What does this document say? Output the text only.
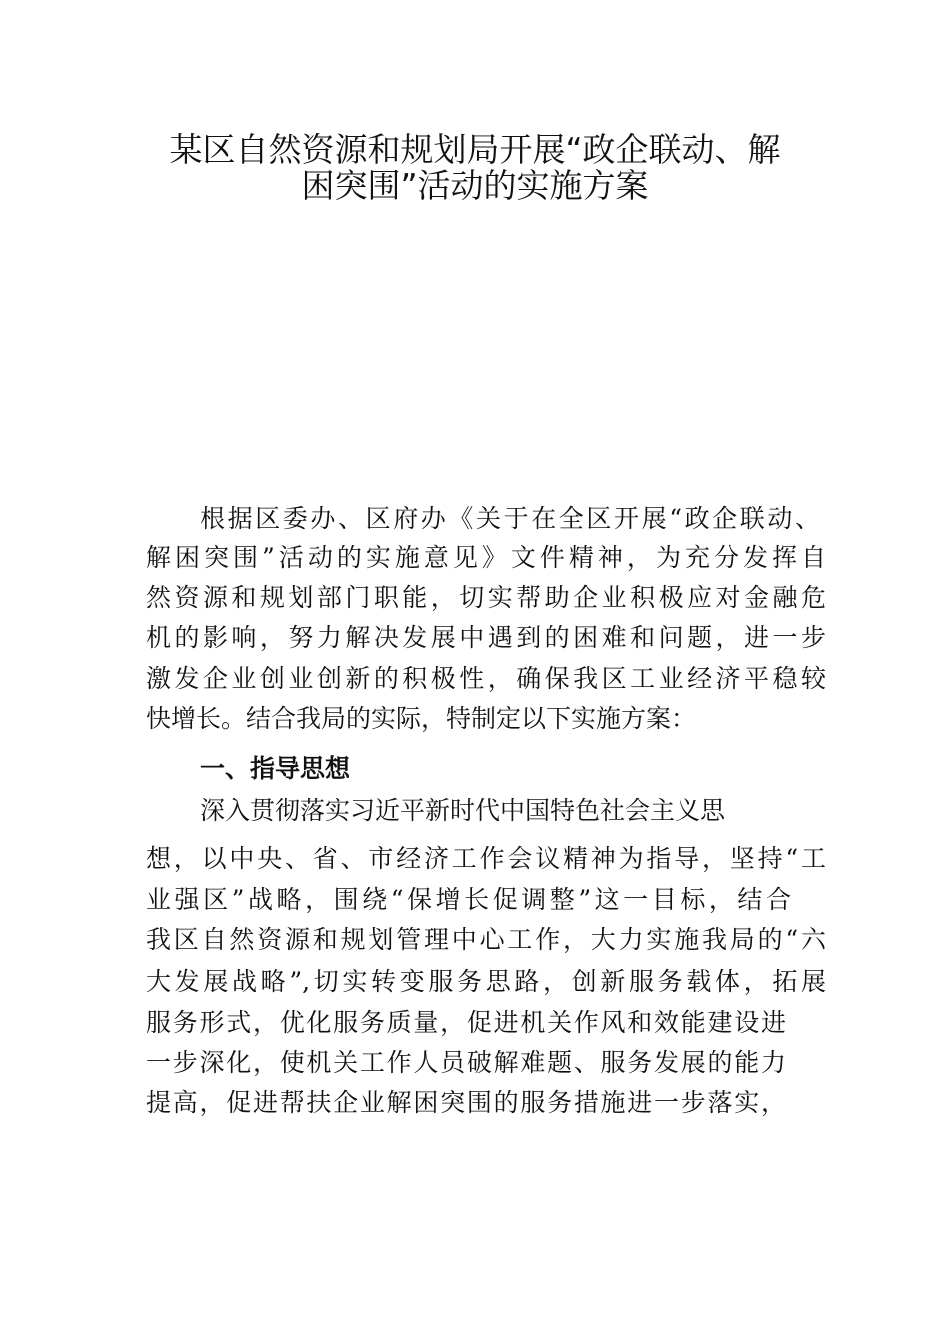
某区自然资源和规划局开展“政企联动、解
困突围”活动的实施方案
根据区委办、区府办《关于在全区开展“政企联动、
解困突围”活动的实施意见》文件精神，为充分发挥自
然资源和规划部门职能，切实帮助企业积极应对金融危
机的影响，努力解决发展中遇到的困难和问题，进一步
激发企业创业创新的积极性，确保我区工业经济平稳较
快增长。结合我局的实际，特制定以下实施方案：
一、指导思想
深入贯彻落实习近平新时代中国特色社会主义思
想，以中央、省、市经济工作会议精神为指导，坚持“工
业强区”战略，围绕“保增长促调整”这一目标，结合
我区自然资源和规划管理中心工作，大力实施我局的“六
大发展战略”,切实转变服务思路，创新服务载体，拓展
服务形式，优化服务质量，促进机关作风和效能建设进
一步深化，使机关工作人员破解难题、服务发展的能力
提高，促进帮扶企业解困突围的服务措施进一步落实，
